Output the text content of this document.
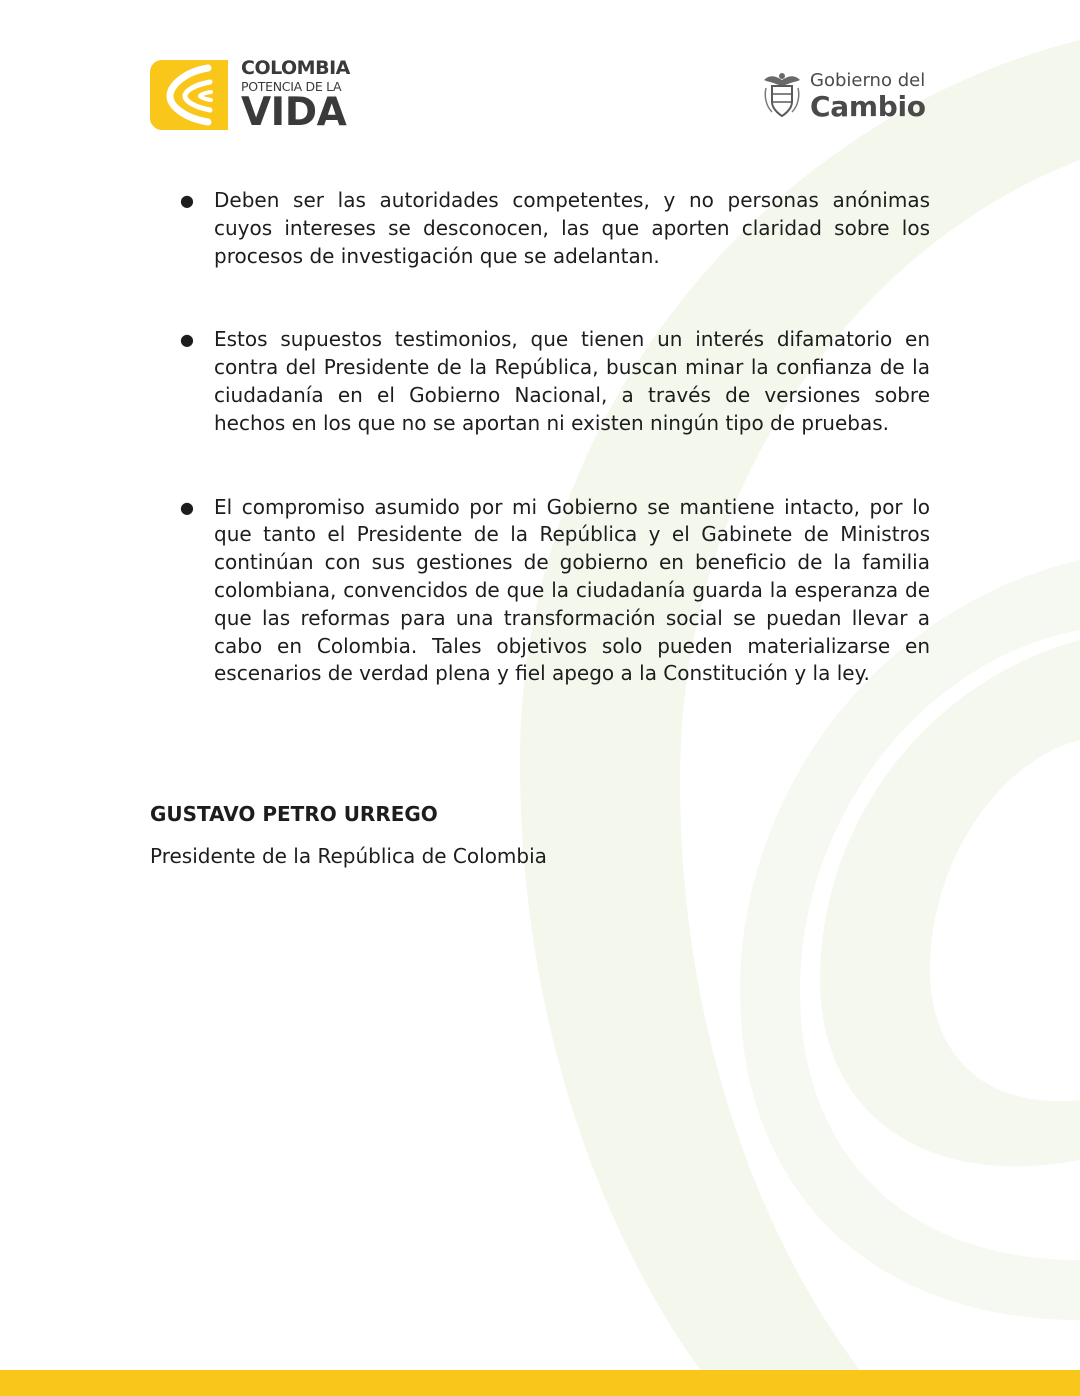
COLOMBIA
POTENCIA DE LA
VIDA
Gobierno del
Cambio
● Deben ser las autoridades competentes, y no personas anónimas cuyos intereses se desconocen, las que aporten claridad sobre los procesos de investigación que se adelantan.
● Estos supuestos testimonios, que tienen un interés difamatorio en contra del Presidente de la República, buscan minar la confianza de la ciudadanía en el Gobierno Nacional, a través de versiones sobre hechos en los que no se aportan ni existen ningún tipo de pruebas.
● El compromiso asumido por mi Gobierno se mantiene intacto, por lo que tanto el Presidente de la República y el Gabinete de Ministros continúan con sus gestiones de gobierno en beneficio de la familia colombiana, convencidos de que la ciudadanía guarda la esperanza de que las reformas para una transformación social se puedan llevar a cabo en Colombia. Tales objetivos solo pueden materializarse en escenarios de verdad plena y fiel apego a la Constitución y la ley.

GUSTAVO PETRO URREGO

Presidente de la República de Colombia
